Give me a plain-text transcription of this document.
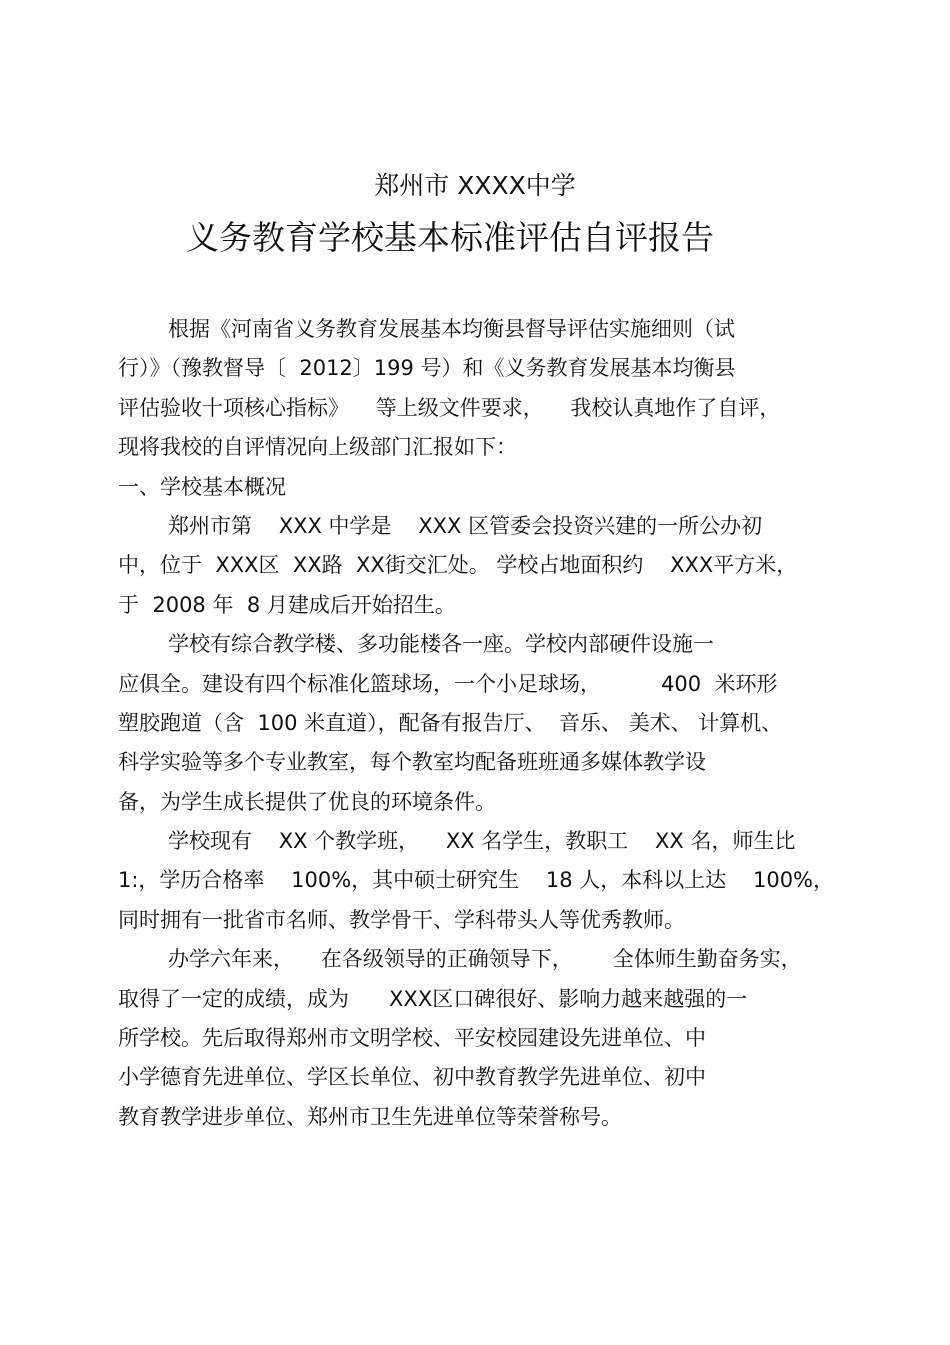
郑州市 XXXX中学
义务教育学校基本标准评估自评报告
根据《河南省义务教育发展基本均衡县督导评估实施细则（试
行）》（豫教督导〔  2012〕199 号）和《义务教育发展基本均衡县
评估验收十项核心指标》    等上级文件要求，    我校认真地作了自评，
现将我校的自评情况向上级部门汇报如下：
一、学校基本概况
郑州市第    XXX 中学是    XXX 区管委会投资兴建的一所公办初
中，位于  XXX区  XX路  XX街交汇处。 学校占地面积约    XXX平方米，
于  2008 年  8 月建成后开始招生。
学校有综合教学楼、多功能楼各一座。学校内部硬件设施一
应俱全。建设有四个标准化篮球场，一个小足球场，         400  米环形
塑胶跑道（含  100 米直道），配备有报告厅、  音乐、 美术、 计算机、
科学实验等多个专业教室，每个教室均配备班班通多媒体教学设
备，为学生成长提供了优良的环境条件。
学校现有    XX 个教学班，    XX 名学生，教职工    XX 名，师生比
1:，学历合格率    100%，其中硕士研究生    18 人，本科以上达    100%，
同时拥有一批省市名师、教学骨干、学科带头人等优秀教师。
办学六年来，    在各级领导的正确领导下，      全体师生勤奋务实，
取得了一定的成绩，成为      XXX区口碑很好、影响力越来越强的一
所学校。先后取得郑州市文明学校、平安校园建设先进单位、中
小学德育先进单位、学区长单位、初中教育教学先进单位、初中
教育教学进步单位、郑州市卫生先进单位等荣誉称号。
